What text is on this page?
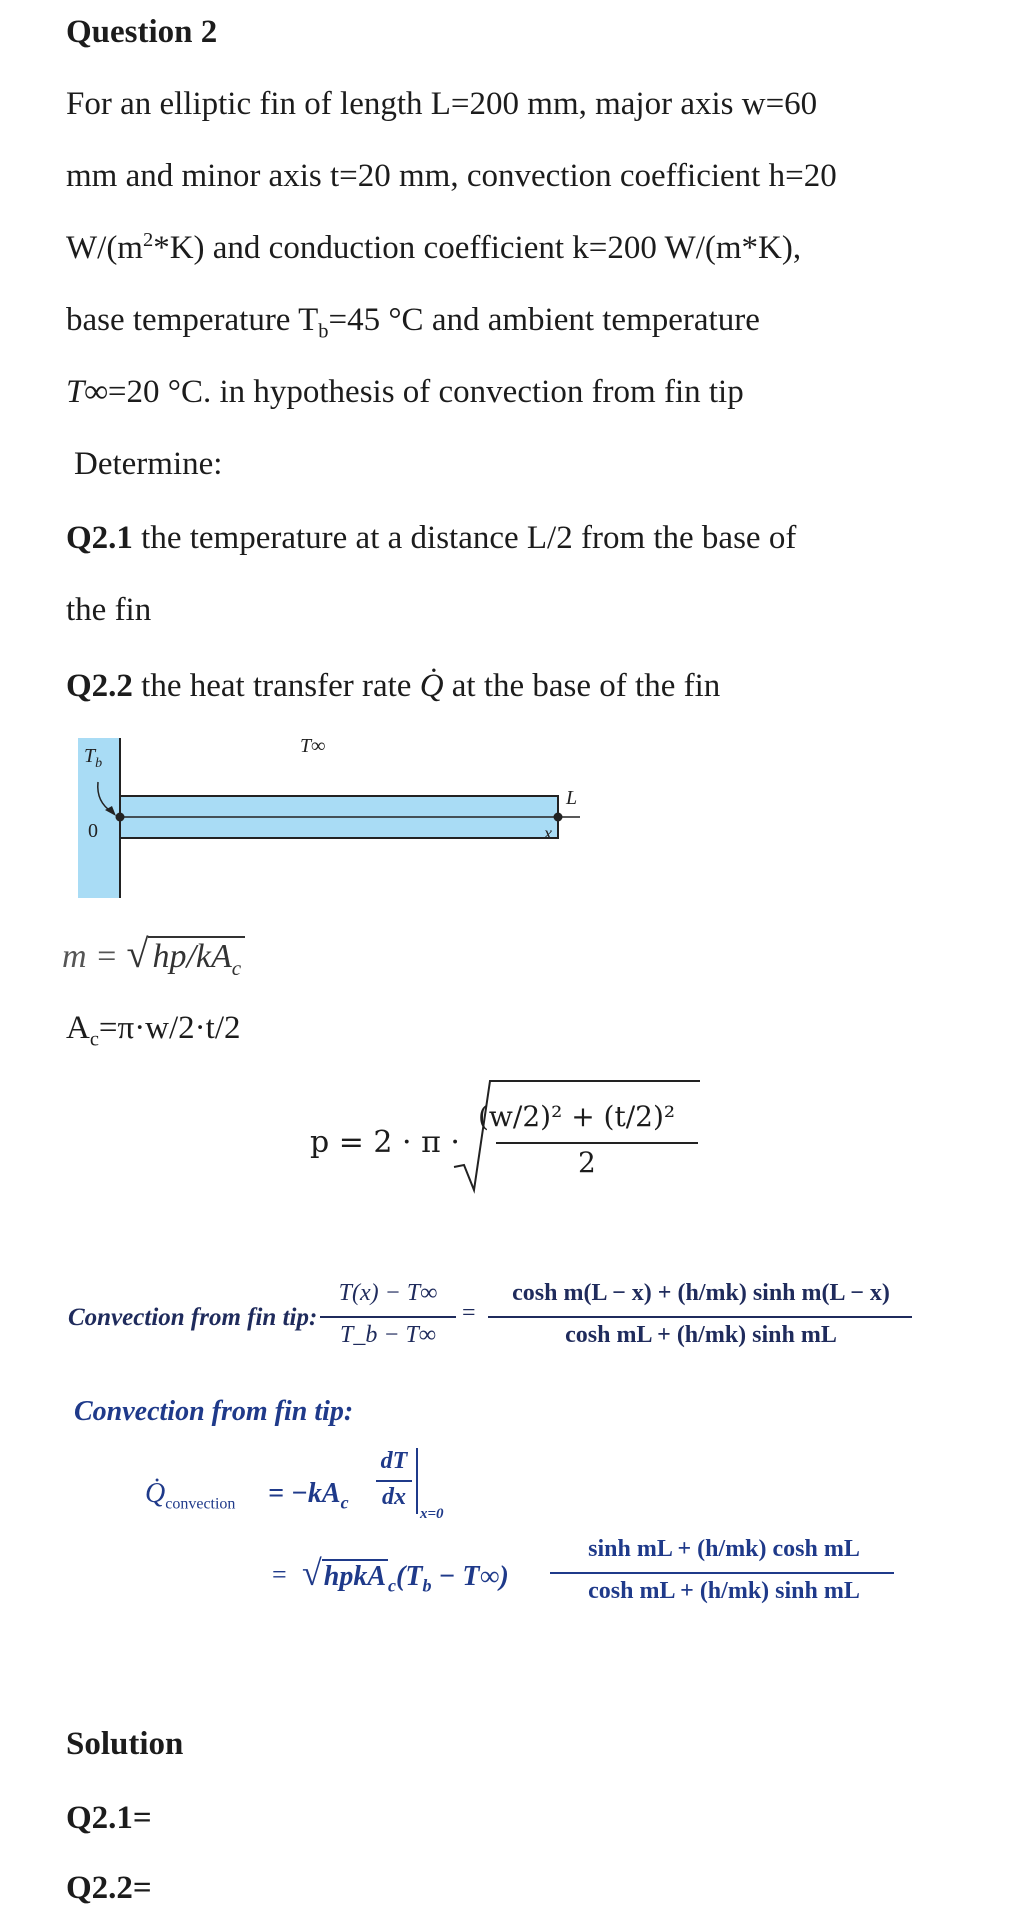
Question 2
For an elliptic fin of length L=200 mm, major axis w=60
mm and minor axis t=20 mm, convection coefficient h=20
$W/(m^2*K)$ and conduction coefficient k=200 W/(m*K),
base temperature $T_b=45$ °C and ambient temperature
T∞=20 °C. in hypothesis of convection from fin tip
Determine:
Q2.1 the temperature at a distance L/2 from the base of
the fin
Q2.2 the heat transfer rate Q̇ at the base of the fin
$T_b$
0
T∞
L
x
m = √ $hp/kA_c$
$A_c=\pi\cdot w/2\cdot t/2$
p = 2 · π ·
(w/2)² + (t/2)²
2
Convection from fin tip:
T(x) − T∞
T_b − T∞
=
cosh m(L − x) + (h/mk) sinh m(L − x)
cosh mL + (h/mk) sinh mL
Convection from fin tip:
$Q̇_{convection} = -kA_c$
dT
dx
x=0
= √hpkA $_c(T_b - T\infty)$
sinh mL + (h/mk) cosh mL
cosh mL + (h/mk) sinh mL
Solution
Q2.1=
Q2.2=
